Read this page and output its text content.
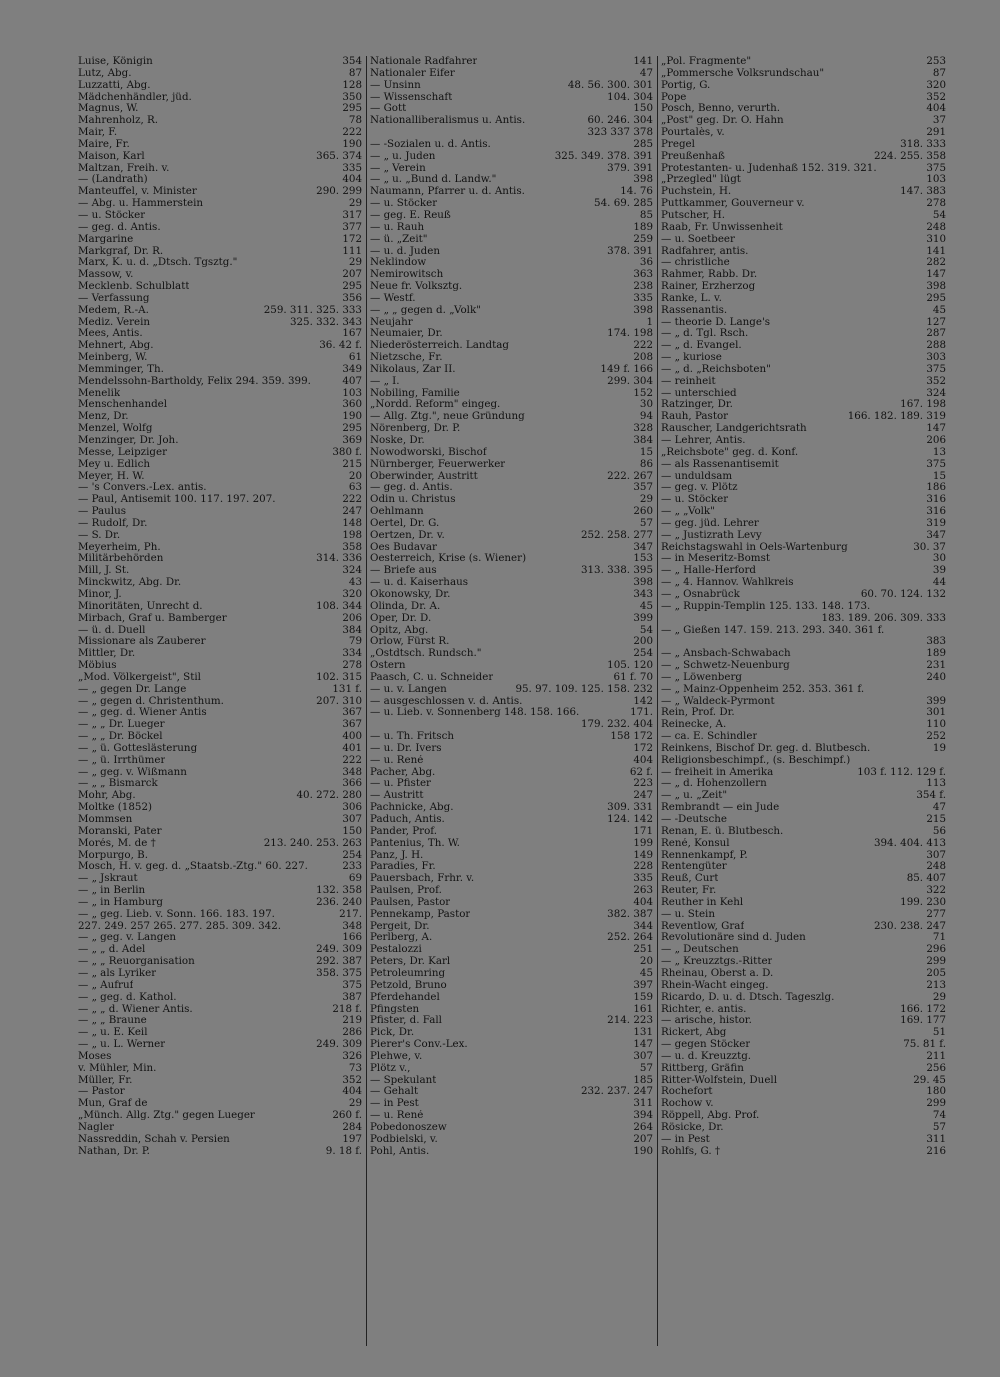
Luise, Königin	354
Lutz, Abg.	87
Luzzatti, Abg.	128
Mädchenhändler, jüd.	350
Magnus, W.	295
Mahrenholz, R.	78
Mair, F.	222
Maire, Fr.	190
Maison, Karl	365. 374
Maltzan, Freih. v.	335
— (Landrath)	404
Manteuffel, v. Minister	290. 299
— Abg. u. Hammerstein	29
— u. Stöcker	317
— geg. d. Antis.	377
Margarine	172
Markgraf, Dr. R.	111
Marx, K. u. d. „Dtsch. Tgsztg."	29
Massow, v.	207
Mecklenb. Schulblatt	295
— Verfassung	356
Medem, R.-A.	259. 311. 325. 333
Mediz. Verein	325. 332. 343
Mees, Antis.	167
Mehnert, Abg.	36. 42 f.
Meinberg, W.	61
Memminger, Th.	349
Mendelssohn-Bartholdy, Felix 294. 359. 399.	407
Menelik	103
Menschenhandel	360
Menz, Dr.	190
Menzel, Wolfg	295
Menzinger, Dr. Joh.	369
Messe, Leipziger	380 f.
Mey u. Edlich	215
Meyer, H. W.	20
— 's Convers.-Lex. antis.	63
— Paul, Antisemit 100. 117. 197. 207.	222
— Paulus	247
— Rudolf, Dr.	148
— S. Dr.	198
Meyerheim, Ph.	358
Militärbehörden	314. 336
Mill, J. St.	324
Minckwitz, Abg. Dr.	43
Minor, J.	320
Minoritäten, Unrecht d.	108. 344
Mirbach, Graf u. Bamberger	206
— ü. d. Duell	384
Missionare als Zauberer	79
Mittler, Dr.	334
Möbius	278
„Mod. Völkergeist", Stil	102. 315
— „ gegen Dr. Lange	131 f.
— „ gegen d. Christenthum.	207. 310
— „ geg. d. Wiener Antis	367
— „ „ Dr. Lueger	367
— „ „ Dr. Böckel	400
— „ ü. Gotteslästerung	401
— „ ü. Irrthümer	222
— „ geg. v. Wißmann	348
— „ „ Bismarck	366
Mohr, Abg.	40. 272. 280
Moltke (1852)	306
Mommsen	307
Moranski, Pater	150
Morés, M. de †	213. 240. 253. 263
Morpurgo, B.	254
Mosch, H. v. geg. d. „Staatsb.-Ztg." 60. 227.	233
— „ Jskraut	69
— „ in Berlin	132. 358
— „ in Hamburg	236. 240
— „ geg. Lieb. v. Sonn. 166. 183. 197.	217.
227. 249. 257 265. 277. 285. 309. 342.	348
— „ geg. v. Langen	166
— „ „ d. Adel	249. 309
— „ „ Reuorganisation	292. 387
— „ als Lyriker	358. 375
— „ Aufruf	375
— „ geg. d. Kathol.	387
— „ „ d. Wiener Antis.	218 f.
— „ „ Braune	219
— „ u. E. Keil	286
— „ u. L. Werner	249. 309
Moses	326
v. Mühler, Min.	73
Müller, Fr.	352
— Pastor	404
Mun, Graf de	29
„Münch. Allg. Ztg." gegen Lueger	260 f.
Nagler	284
Nassreddin, Schah v. Persien	197
Nathan, Dr. P.	9. 18 f.
Nationale Radfahrer	141
Nationaler Eifer	47
— Unsinn	48. 56. 300. 301
— Wissenschaft	104. 304
— Gott	150
Nationalliberalismus u. Antis.	60. 246. 304
323 337 378
— -Sozialen u. d. Antis.	285
— „ u. Juden	325. 349. 378. 391
— „ Verein	379. 391
— „ u. „Bund d. Landw."	398
Naumann, Pfarrer u. d. Antis.	14. 76
— u. Stöcker	54. 69. 285
— geg. E. Reuß	85
— u. Rauh	189
— ü. „Zeit"	259
— u. d. Juden	378. 391
Neklindow	36
Nemirowitsch	363
Neue fr. Volksztg.	238
— Westf.	335
— „ „ gegen d. „Volk"	398
Neujahr	1
Neumaier, Dr.	174. 198
Niederösterreich. Landtag	222
Nietzsche, Fr.	208
Nikolaus, Zar II.	149 f. 166
— „ I.	299. 304
Nobiling, Familie	152
„Nordd. Reform" eingeg.	30
— Allg. Ztg.", neue Gründung	94
Nörenberg, Dr. P.	328
Noske, Dr.	384
Nowodworski, Bischof	15
Nürnberger, Feuerwerker	86
Oberwinder, Austritt	222. 267
— geg. d. Antis.	357
Odin u. Christus	29
Oehlmann	260
Oertel, Dr. G.	57
Oertzen, Dr. v.	252. 258. 277
Oes Budavar	347
Oesterreich, Krise (s. Wiener)	153
— Briefe aus	313. 338. 395
— u. d. Kaiserhaus	398
Okonowsky, Dr.	343
Olinda, Dr. A.	45
Oper, Dr. D.	399
Opitz, Abg.	54
Orlow, Fürst R.	200
„Ostdtsch. Rundsch."	254
Ostern	105. 120
Paasch, C. u. Schneider	61 f. 70
— u. v. Langen	95. 97. 109. 125. 158. 232
— ausgeschlossen v. d. Antis.	142
— u. Lieb. v. Sonnenberg 148. 158. 166.	171.
179. 232. 404
— u. Th. Fritsch	158 172
— u. Dr. Ivers	172
— u. René	404
Pacher, Abg.	62 f.
— u. Pfister	223
— Austritt	247
Pachnicke, Abg.	309. 331
Paduch, Antis.	124. 142
Pander, Prof.	171
Pantenius, Th. W.	199
Panz, J. H.	149
Paradies, Fr.	228
Pauersbach, Frhr. v.	335
Paulsen, Prof.	263
Paulsen, Pastor	404
Pennekamp, Pastor	382. 387
Pergeit, Dr.	344
Perlberg, A.	252. 264
Pestalozzi	251
Peters, Dr. Karl	20
Petroleumring	45
Petzold, Bruno	397
Pferdehandel	159
Pfingsten	161
Pfister, d. Fall	214. 223
Pick, Dr.	131
Pierer's Conv.-Lex.	147
Plehwe, v.	307
Plötz v.,	57
— Spekulant	185
— Gehalt	232. 237. 247
— in Pest	311
— u. René	394
Pobedonoszew	264
Podbielski, v.	207
Pohl, Antis.	190
„Pol. Fragmente"	253
„Pommersche Volksrundschau"	87
Portig, G.	320
Pope	352
Posch, Benno, verurth.	404
„Post" geg. Dr. O. Hahn	37
Pourtalès, v.	291
Pregel	318. 333
Preußenhaß	224. 255. 358
Protestanten- u. Judenhaß 152. 319. 321.	375
„Przegled" lügt	103
Puchstein, H.	147. 383
Puttkammer, Gouverneur v.	278
Putscher, H.	54
Raab, Fr. Unwissenheit	248
— u. Soetbeer	310
Radfahrer, antis.	141
— christliche	282
Rahmer, Rabb. Dr.	147
Rainer, Erzherzog	398
Ranke, L. v.	295
Rassenantis.	45
— theorie D. Lange's	127
— „ d. Tgl. Rsch.	287
— „ d. Evangel.	288
— „ kuriose	303
— „ d. „Reichsboten"	375
— reinheit	352
— unterschied	324
Ratzinger, Dr.	167. 198
Rauh, Pastor	166. 182. 189. 319
Rauscher, Landgerichtsrath	147
— Lehrer, Antis.	206
„Reichsbote" geg. d. Konf.	13
— als Rassenantisemit	375
— unduldsam	15
— geg. v. Plötz	186
— u. Stöcker	316
— „ „Volk"	316
— geg. jüd. Lehrer	319
— „ Justizrath Levy	347
Reichstagswahl in Oels-Wartenburg	30. 37
— in Meseritz-Bomst	30
— „ Halle-Herford	39
— „ 4. Hannov. Wahlkreis	44
— „ Osnabrück	60. 70. 124. 132
— „ Ruppin-Templin 125. 133. 148. 173.
183. 189. 206. 309. 333
— „ Gießen 147. 159. 213. 293. 340. 361 f.
383
— „ Ansbach-Schwabach	189
— „ Schwetz-Neuenburg	231
— „ Löwenberg	240
— „ Mainz-Oppenheim 252. 353. 361 f.
— „ Waldeck-Pyrmont	399
Rein, Prof. Dr.	301
Reinecke, A.	110
— ca. E. Schindler	252
Reinkens, Bischof Dr. geg. d. Blutbesch.	19
Religionsbeschimpf., (s. Beschimpf.)
— freiheit in Amerika	103 f. 112. 129 f.
— „ d. Hohenzollern	113
— „ u. „Zeit"	354 f.
Rembrandt — ein Jude	47
— -Deutsche	215
Renan, E. ü. Blutbesch.	56
René, Konsul	394. 404. 413
Rennenkampf, P.	307
Rentengüter	248
Reuß, Curt	85. 407
Reuter, Fr.	322
Reuther in Kehl	199. 230
— u. Stein	277
Reventlow, Graf	230. 238. 247
Revolutionäre sind d. Juden	71
— „ Deutschen	296
— „ Kreuzztgs.-Ritter	299
Rheinau, Oberst a. D.	205
Rhein-Wacht eingeg.	213
Ricardo, D. u. d. Dtsch. Tageszlg.	29
Richter, e. antis.	166. 172
— arische, histor.	169. 177
Rickert, Abg	51
— gegen Stöcker	75. 81 f.
— u. d. Kreuzztg.	211
Rittberg, Gräfin	256
Ritter-Wolfstein, Duell	29. 45
Rochefort	180
Rochow v.	299
Röppell, Abg. Prof.	74
Rösicke, Dr.	57
— in Pest	311
Rohlfs, G. †	216
